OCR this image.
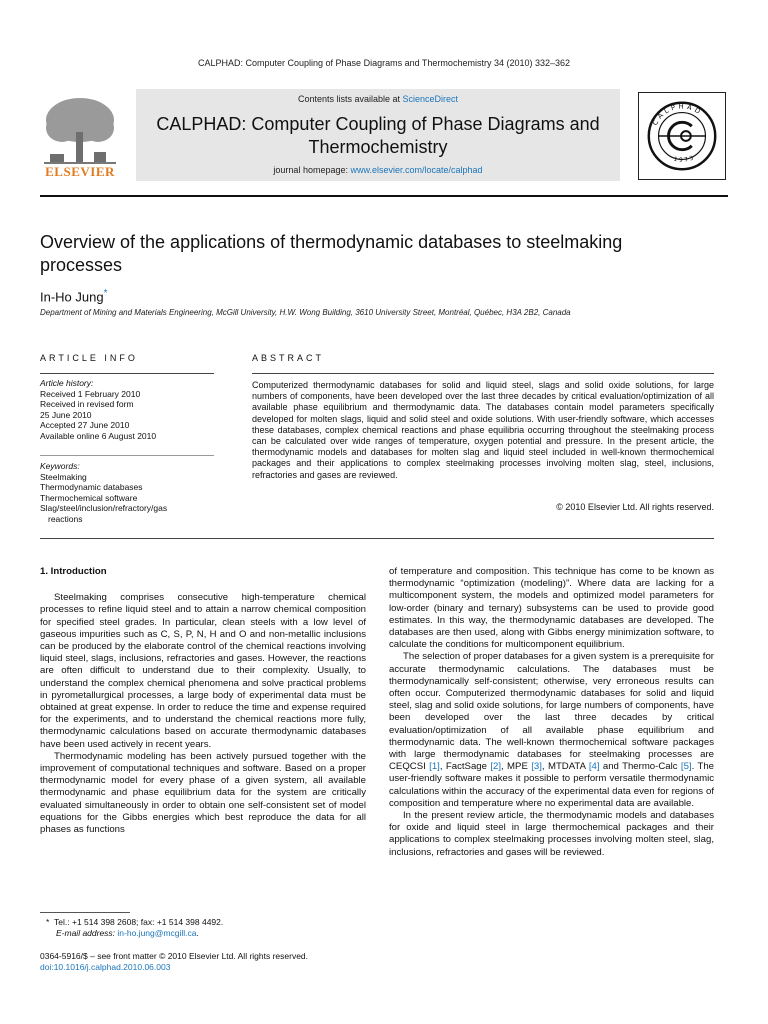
CALPHAD: Computer Coupling of Phase Diagrams and Thermochemistry 34 (2010) 332–362
ELSEVIER
Contents lists available at ScienceDirect
CALPHAD: Computer Coupling of Phase Diagrams and
Thermochemistry
journal homepage: www.elsevier.com/locate/calphad
CALPHAD
1973
Overview of the applications of thermodynamic databases to steelmaking
processes
In-Ho Jung*
Department of Mining and Materials Engineering, McGill University, H.W. Wong Building, 3610 University Street, Montréal, Québec, H3A 2B2, Canada
ARTICLE INFO	ABSTRACT
Article history:
Received 1 February 2010
Received in revised form
25 June 2010
Accepted 27 June 2010
Available online 6 August 2010
Keywords:
Steelmaking
Thermodynamic databases
Thermochemical software
Slag/steel/inclusion/refractory/gas
reactions
Computerized thermodynamic databases for solid and liquid steel, slags and solid oxide solutions, for large numbers of components, have been developed over the last three decades by critical evaluation/optimization of all available phase equilibrium and thermodynamic data. The databases contain model parameters specifically developed for molten slags, liquid and solid steel and oxide solutions. With user-friendly software, which accesses these databases, complex chemical reactions and phase equilibria occurring throughout the steelmaking process can be calculated over wide ranges of temperature, oxygen potential and pressure. In the present article, the thermodynamic models and databases for molten slag and liquid steel included in well-known thermochemical packages and their applications to complex steelmaking processes involving molten slag, steel, inclusions, refractories and gases are reviewed.
© 2010 Elsevier Ltd. All rights reserved.
1. Introduction

Steelmaking comprises consecutive high-temperature chemical processes to refine liquid steel and to attain a narrow chemical composition for specified steel grades. In particular, clean steels with a low level of gaseous impurities such as C, S, P, N, H and O and non-metallic inclusions can be produced by the elaborate control of the chemical reactions involving liquid steel, slags, inclusions, refractories and gases. However, the reactions are often difficult to understand due to their complexity. Usually, to understand the complex chemical phenomena and solve practical problems in pyrometallurgical processes, a large body of experimental data must be obtained at great expense. In order to reduce the time and expense required for the experiments, and to understand the chemical reactions more fully, thermodynamic calculations based on accurate thermodynamic databases have been used actively in recent years.

Thermodynamic modeling has been actively pursued together with the improvement of computational techniques and software. Based on a proper thermodynamic model for every phase of a given system, all available thermodynamic and phase equilibrium data for the system are critically evaluated simultaneously in order to obtain one self-consistent set of model equations for the Gibbs energies which best reproduce the data for all phases as functions

of temperature and composition. This technique has come to be known as thermodynamic “optimization (modeling)”. Where data are lacking for a multicomponent system, the models and optimized model parameters for low-order (binary and ternary) subsystems can be used to provide good estimates. In this way, the thermodynamic databases are developed. The databases are then used, along with Gibbs energy minimization software, to calculate the conditions for multicomponent equilibrium.

The selection of proper databases for a given system is a prerequisite for accurate thermodynamic calculations. The databases must be thermodynamically self-consistent; otherwise, very erroneous results can often occur. Computerized thermodynamic databases for solid and liquid steel, slag and solid oxide solutions, for large numbers of components, have been developed over the last three decades by critical evaluation/optimization of all available phase equilibrium and thermodynamic data. The well-known thermochemical software packages with large thermodynamic databases for steelmaking processes are CEQCSI [1], FactSage [2], MPE [3], MTDATA [4] and Thermo-Calc [5]. The user-friendly software makes it possible to perform versatile thermodynamic calculations within the accuracy of the experimental data even for regions of composition and temperature where no experimental data are available.

In the present review article, the thermodynamic models and databases for oxide and liquid steel in large thermochemical packages and their applications to complex steelmaking processes involving molten steel, slag, inclusions, refractories and gases will be reviewed.

* Tel.: +1 514 398 2608; fax: +1 514 398 4492.
E-mail address: in-ho.jung@mcgill.ca.
0364-5916/$ – see front matter © 2010 Elsevier Ltd. All rights reserved.
doi:10.1016/j.calphad.2010.06.003
